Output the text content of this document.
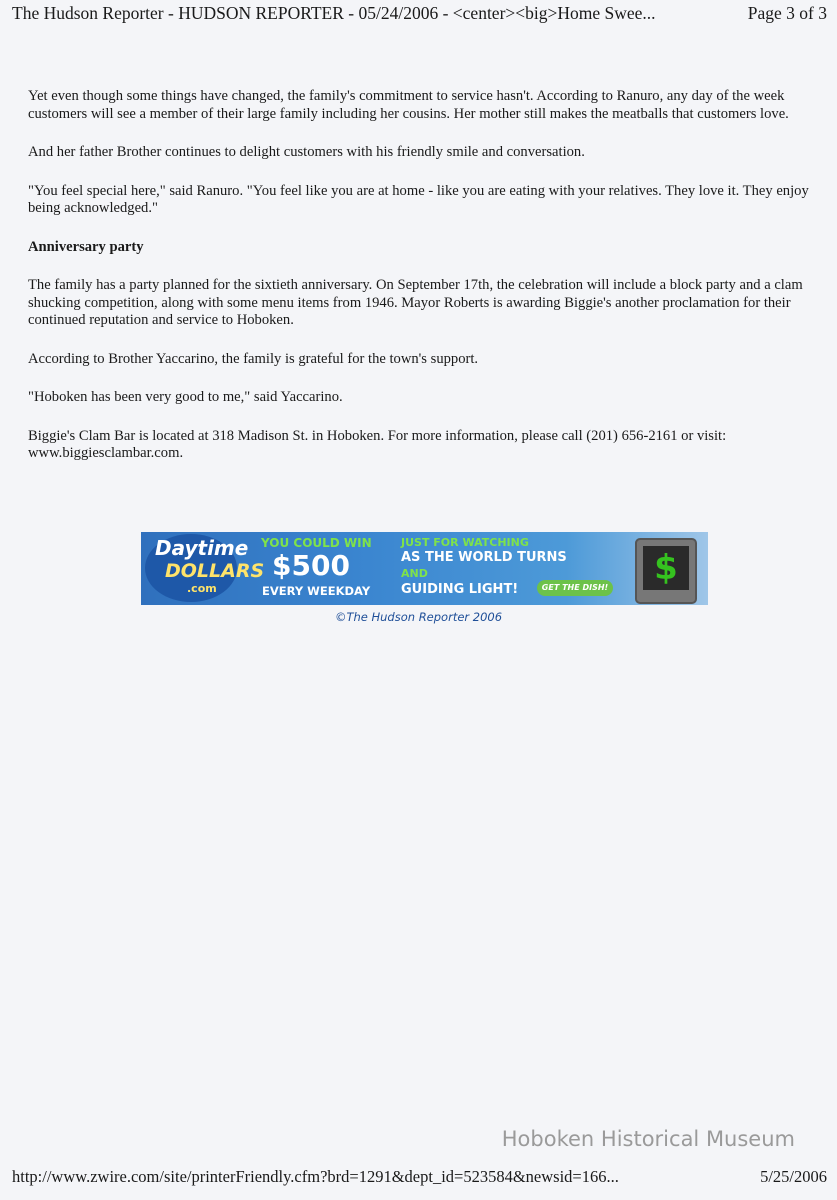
The Hudson Reporter - HUDSON REPORTER - 05/24/2006 - <center><big>Home Swee...	Page 3 of 3

Yet even though some things have changed, the family's commitment to service hasn't. According to Ranuro, any day of the week customers will see a member of their large family including her cousins. Her mother still makes the meatballs that customers love.

And her father Brother continues to delight customers with his friendly smile and conversation.

"You feel special here," said Ranuro. "You feel like you are at home - like you are eating with your relatives. They love it. They enjoy being acknowledged."

Anniversary party

The family has a party planned for the sixtieth anniversary. On September 17th, the celebration will include a block party and a clam shucking competition, along with some menu items from 1946. Mayor Roberts is awarding Biggie's another proclamation for their continued reputation and service to Hoboken.

According to Brother Yaccarino, the family is grateful for the town's support.

"Hoboken has been very good to me," said Yaccarino.

Biggie's Clam Bar is located at 318 Madison St. in Hoboken. For more information, please call (201) 656-2161 or visit: www.biggiesclambar.com.

Daytime
DOLLARS
.com
YOU COULD WIN
$500
EVERY WEEKDAY
JUST FOR WATCHING
AS THE WORLD TURNS
AND
GUIDING LIGHT!	GET THE DISH!	$
©The Hudson Reporter 2006
Hoboken Historical Museum
http://www.zwire.com/site/printerFriendly.cfm?brd=1291&dept_id=523584&newsid=166...	5/25/2006
